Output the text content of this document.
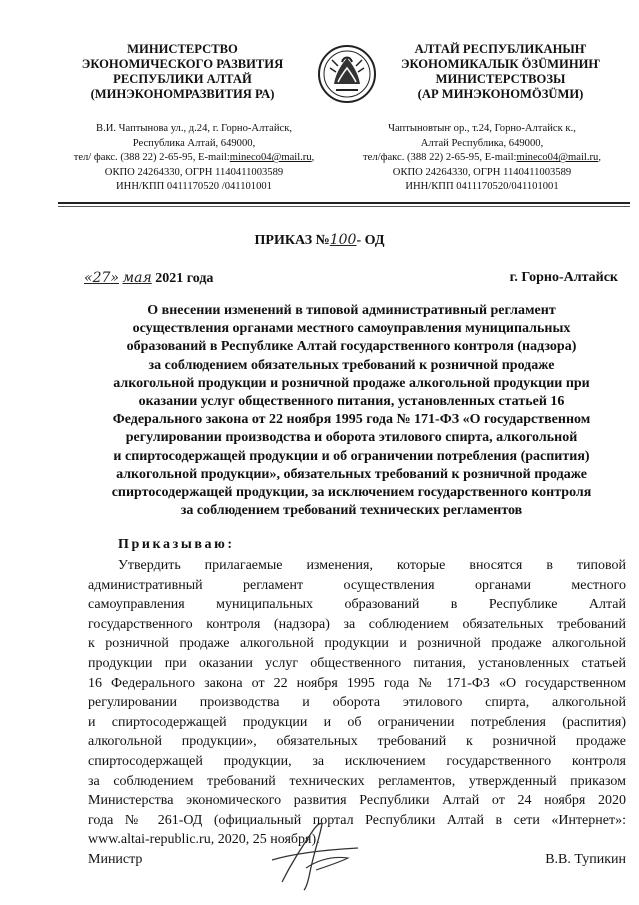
МИНИСТЕРСТВО
ЭКОНОМИЧЕСКОГО РАЗВИТИЯ
РЕСПУБЛИКИ АЛТАЙ
(МИНЭКОНОМРАЗВИТИЯ РА)
АЛТАЙ РЕСПУБЛИКАНЫҤ
ЭКОНОМИКАЛЫК ÖЗÜМИНИҤ
МИНИСТЕРСТВОЗЫ
(АР МИНЭКОНОМÖЗÜМИ)
В.И. Чаптынова ул., д.24, г. Горно-Алтайск,
Республика Алтай, 649000,
тел/ факс. (388 22) 2-65-95, E-mail:mineco04@mail.ru,
ОКПО 24264330, ОГРН 1140411003589
ИНН/КПП 0411170520 /041101001
Чаптыновтыҥ ор., т.24, Горно-Алтайск к.,
Алтай Республика, 649000,
тел/факс. (388 22) 2-65-95, E-mail:mineco04@mail.ru,
ОКПО 24264330, ОГРН 1140411003589
ИНН/КПП 0411170520/041101001
ПРИКАЗ №100- ОД
«27» мая 2021 года	г. Горно-Алтайск
О внесении изменений в типовой административный регламент
осуществления органами местного самоуправления муниципальных
образований в Республике Алтай государственного контроля (надзора)
за соблюдением обязательных требований к розничной продаже
алкогольной продукции и розничной продаже алкогольной продукции при
оказании услуг общественного питания, установленных статьей 16
Федерального закона от 22 ноября 1995 года № 171-ФЗ «О государственном
регулировании производства и оборота этилового спирта, алкогольной
и спиртосодержащей продукции и об ограничении потребления (распития)
алкогольной продукции», обязательных требований к розничной продаже
спиртосодержащей продукции, за исключением государственного контроля
за соблюдением требований технических регламентов
Приказываю:
Утвердить прилагаемые изменения, которые вносятся в типовой
административный регламент осуществления органами местного
самоуправления муниципальных образований в Республике Алтай
государственного контроля (надзора) за соблюдением обязательных требований
к розничной продаже алкогольной продукции и розничной продаже алкогольной
продукции при оказании услуг общественного питания, установленных статьей
16 Федерального закона от 22 ноября 1995 года № 171-ФЗ «О государственном
регулировании производства и оборота этилового спирта, алкогольной
и спиртосодержащей продукции и об ограничении потребления (распития)
алкогольной продукции», обязательных требований к розничной продаже
спиртосодержащей продукции, за исключением государственного контроля
за соблюдением требований технических регламентов, утвержденный приказом
Министерства экономического развития Республики Алтай от 24 ноября 2020
года № 261-ОД (официальный портал Республики Алтай в сети «Интернет»:
www.altai-republic.ru, 2020, 25 ноября).
Министр	В.В. Тупикин
